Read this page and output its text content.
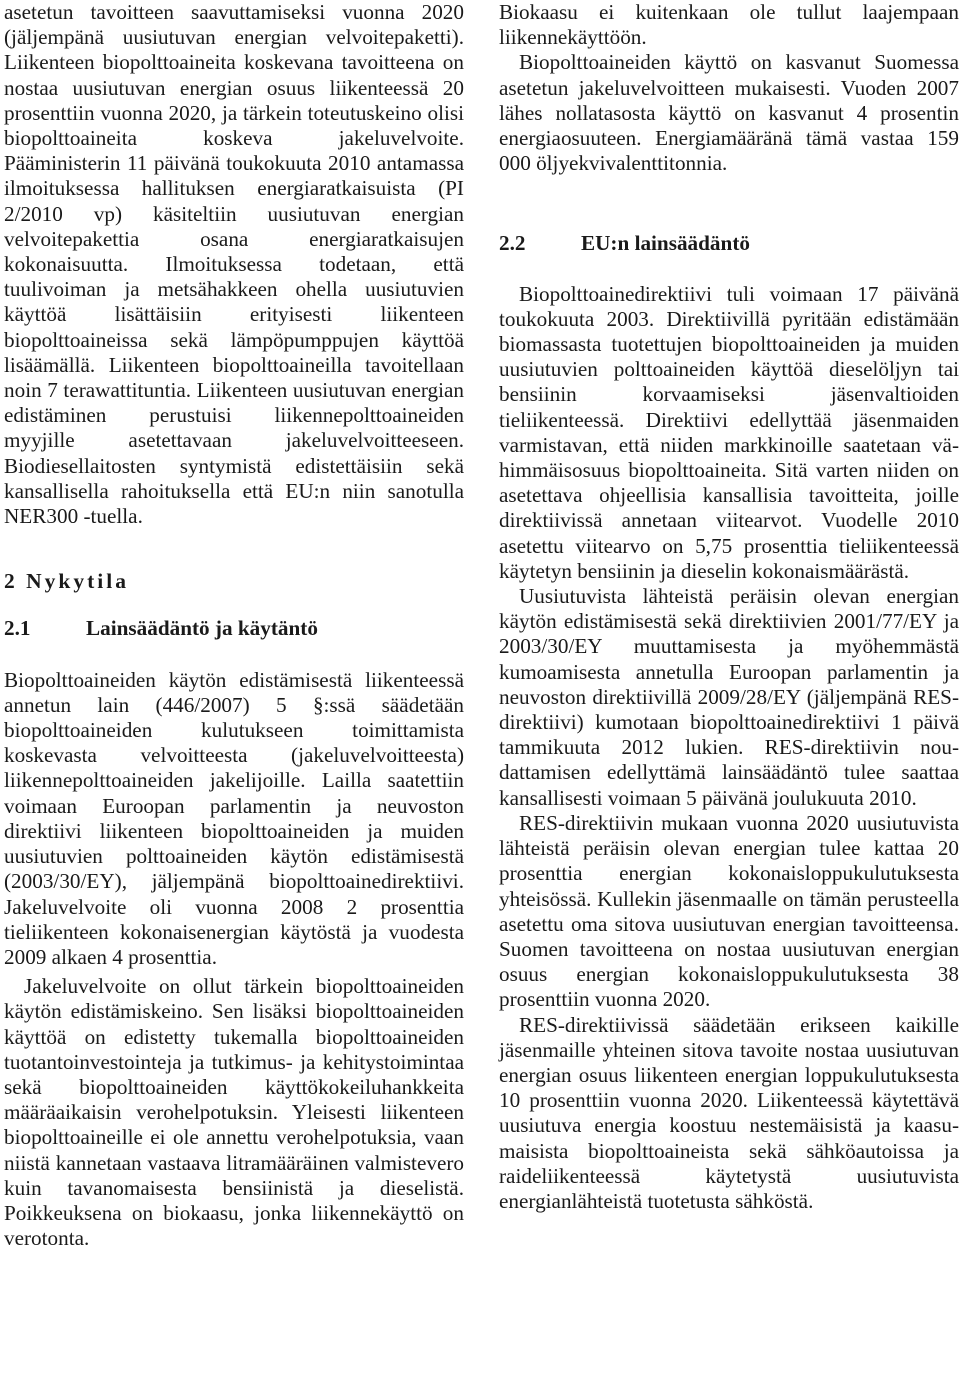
asetetun tavoitteen saavuttamiseksi vuonna 2020 (jäljempänä uusiutuvan energian velvoitepaketti). Liikenteen biopolttoaineita koskevana tavoitteena on nostaa uusiutuvan energian osuus liikenteessä 20 prosenttiin vuonna 2020, ja tärkein toteutuskeino olisi biopolttoaineita koskeva jakeluvelvoite. Pääministerin 11 päivänä toukokuuta 2010 antamassa ilmoituksessa hallituksen energiaratkaisuista (PI 2/2010 vp) käsiteltiin uusiutuvan energian velvoitepakettia osana energiaratkaisujen kokonaisuutta. Ilmoituksessa todetaan, että tuulivoiman ja metsähakkeen ohella uusiutuvien käyttöä lisättäisiin erityisesti liikenteen biopolttoaineissa sekä lämpöpumppujen käyttöä lisäämällä. Liikenteen biopolttoaineilla tavoitellaan noin 7 terawattituntia. Liikenteen uusiutuvan energian edistäminen perustuisi liikennepolttoaineiden myyjille asetettavaan jakeluvelvoitteeseen. Biodiesellaitosten syntymistä edistettäisiin sekä kansallisella rahoituksella että EU:n niin sanotulla NER300 -tuella.

2 Nykytila
2.1	Lainsäädäntö ja käytäntö

Biopolttoaineiden käytön edistämisestä liikenteessä annetun lain (446/2007) 5 §:ssä säädetään biopolttoaineiden kulutukseen toimittamista koskevasta velvoitteesta (jakeluvelvoitteesta) liikennepolttoaineiden jakelijoille. Lailla saatettiin voimaan Euroopan parlamentin ja neuvoston direktiivi liikenteen biopolttoaineiden ja muiden uusiutuvien polttoaineiden käytön edistämisestä (2003/30/EY), jäljempänä biopolttoainedirektiivi. Jakeluvelvoite oli vuonna 2008 2 prosenttia tieliikenteen kokonaisenergian käytöstä ja vuodesta 2009 alkaen 4 prosenttia.

Jakeluvelvoite on ollut tärkein biopolttoaineiden käytön edistämiskeino. Sen lisäksi biopolttoaineiden käyttöä on edistetty tukemalla biopolttoaineiden tuotantoinvestointeja ja tutkimus- ja kehitystoimintaa sekä biopolttoaineiden käyttökokeiluhankkeita määräaikaisin verohelpotuksin. Yleisesti liikenteen biopolttoaineille ei ole annettu verohelpotuksia, vaan niistä kannetaan vastaava litramääräinen valmistevero kuin tavanomaisesta bensiinistä ja dieselistä. Poikkeuksena on biokaasu, jonka liikennekäyttö on verotonta.

Biokaasu ei kuitenkaan ole tullut laajempaan liikennekäyttöön.

Biopolttoaineiden käyttö on kasvanut Suomessa asetetun jakeluvelvoitteen mukaisesti. Vuoden 2007 lähes nollatasosta käyttö on kasvanut 4 prosentin energiaosuuteen. Energiamääränä tämä vastaa 159 000 öljyekvivalenttitonnia.

2.2	EU:n lainsäädäntö

Biopolttoainedirektiivi tuli voimaan 17 päivänä toukokuuta 2003. Direktiivillä pyritään edistämään biomassasta tuotettujen biopolttoaineiden ja muiden uusiutuvien polttoaineiden käyttöä dieselöljyn tai bensiinin korvaamiseksi jäsenvaltioiden tieliikenteessä. Direktiivi edellyttää jäsenmaiden varmistavan, että niiden markkinoille saatetaan vähimmäisosuus biopolttoaineita. Sitä varten niiden on asetettava ohjeellisia kansallisia tavoitteita, joille direktiivissä annetaan viitearvot. Vuodelle 2010 asetettu viitearvo on 5,75 prosenttia tieliikenteessä käytetyn bensiinin ja dieselin kokonaismäärästä.

Uusiutuvista lähteistä peräisin olevan energian käytön edistämisestä sekä direktiivien 2001/77/EY ja 2003/30/EY muuttamisesta ja myöhemmästä kumoamisesta annetulla Euroopan parlamentin ja neuvoston direktiivillä 2009/28/EY (jäljempänä RES-direktiivi) kumotaan biopolttoainedirektiivi 1 päivä tammikuuta 2012 lukien. RES-direktiivin noudattamisen edellyttämä lainsäädäntö tulee saattaa kansallisesti voimaan 5 päivänä joulukuuta 2010.

RES-direktiivin mukaan vuonna 2020 uusiutuvista lähteistä peräisin olevan energian tulee kattaa 20 prosenttia energian kokonaisloppukulutuksesta yhteisössä. Kullekin jäsenmaalle on tämän perusteella asetettu oma sitova uusiutuvan energian tavoitteensa. Suomen tavoitteena on nostaa uusiutuvan energian osuus energian kokonaisloppukulutuksesta 38 prosenttiin vuonna 2020.

RES-direktiivissä säädetään erikseen kaikille jäsenmaille yhteinen sitova tavoite nostaa uusiutuvan energian osuus liikenteen energian loppukulutuksesta 10 prosenttiin vuonna 2020. Liikenteessä käytettävä uusiutuva energia koostuu nestemäisistä ja kaasumaisista biopolttoaineista sekä sähköautoissa ja raideliikenteessä käytetystä uusiutuvista energianlähteistä tuotetusta sähköstä.
